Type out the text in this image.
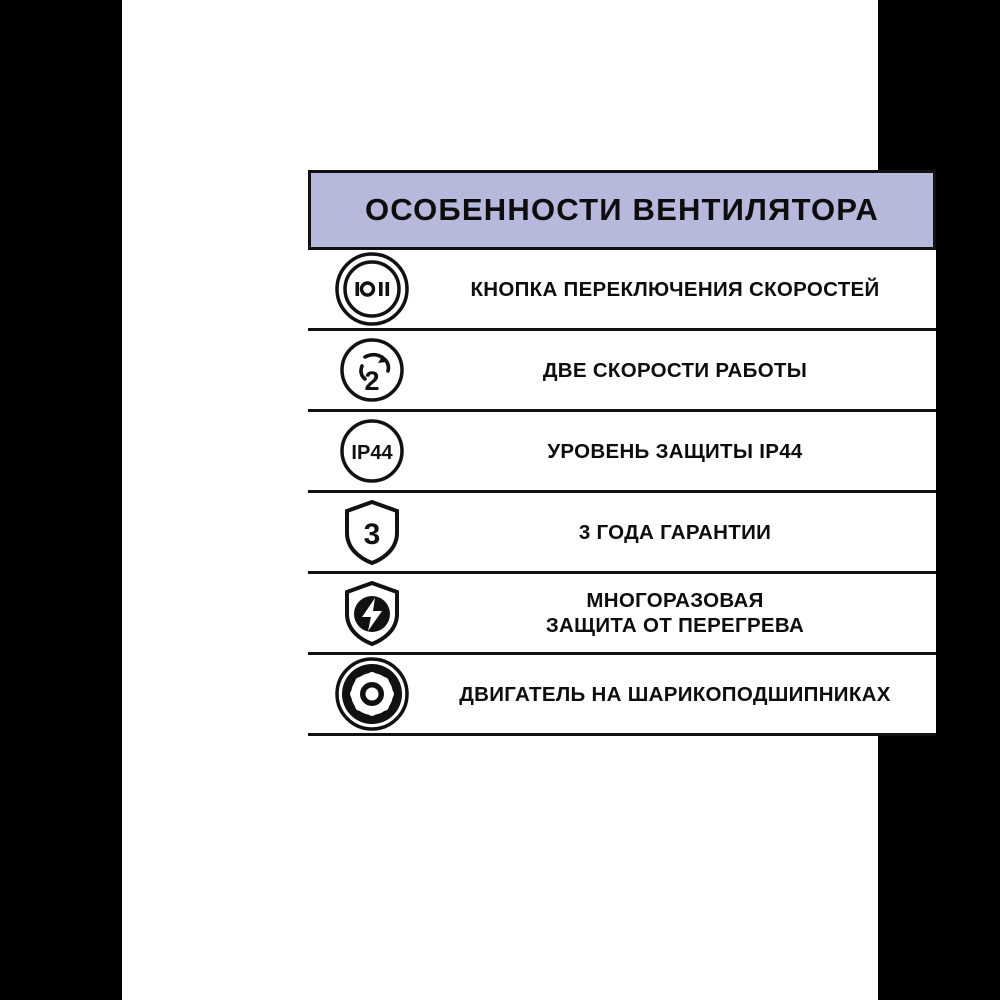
ОСОБЕННОСТИ ВЕНТИЛЯТОРА
КНОПКА ПЕРЕКЛЮЧЕНИЯ СКОРОСТЕЙ
2	ДВЕ СКОРОСТИ РАБОТЫ
IP44	УРОВЕНЬ ЗАЩИТЫ IP44
3	3 ГОДА ГАРАНТИИ
МНОГОРАЗОВАЯ
ЗАЩИТА ОТ ПЕРЕГРЕВА
ДВИГАТЕЛЬ НА ШАРИКОПОДШИПНИКАХ
